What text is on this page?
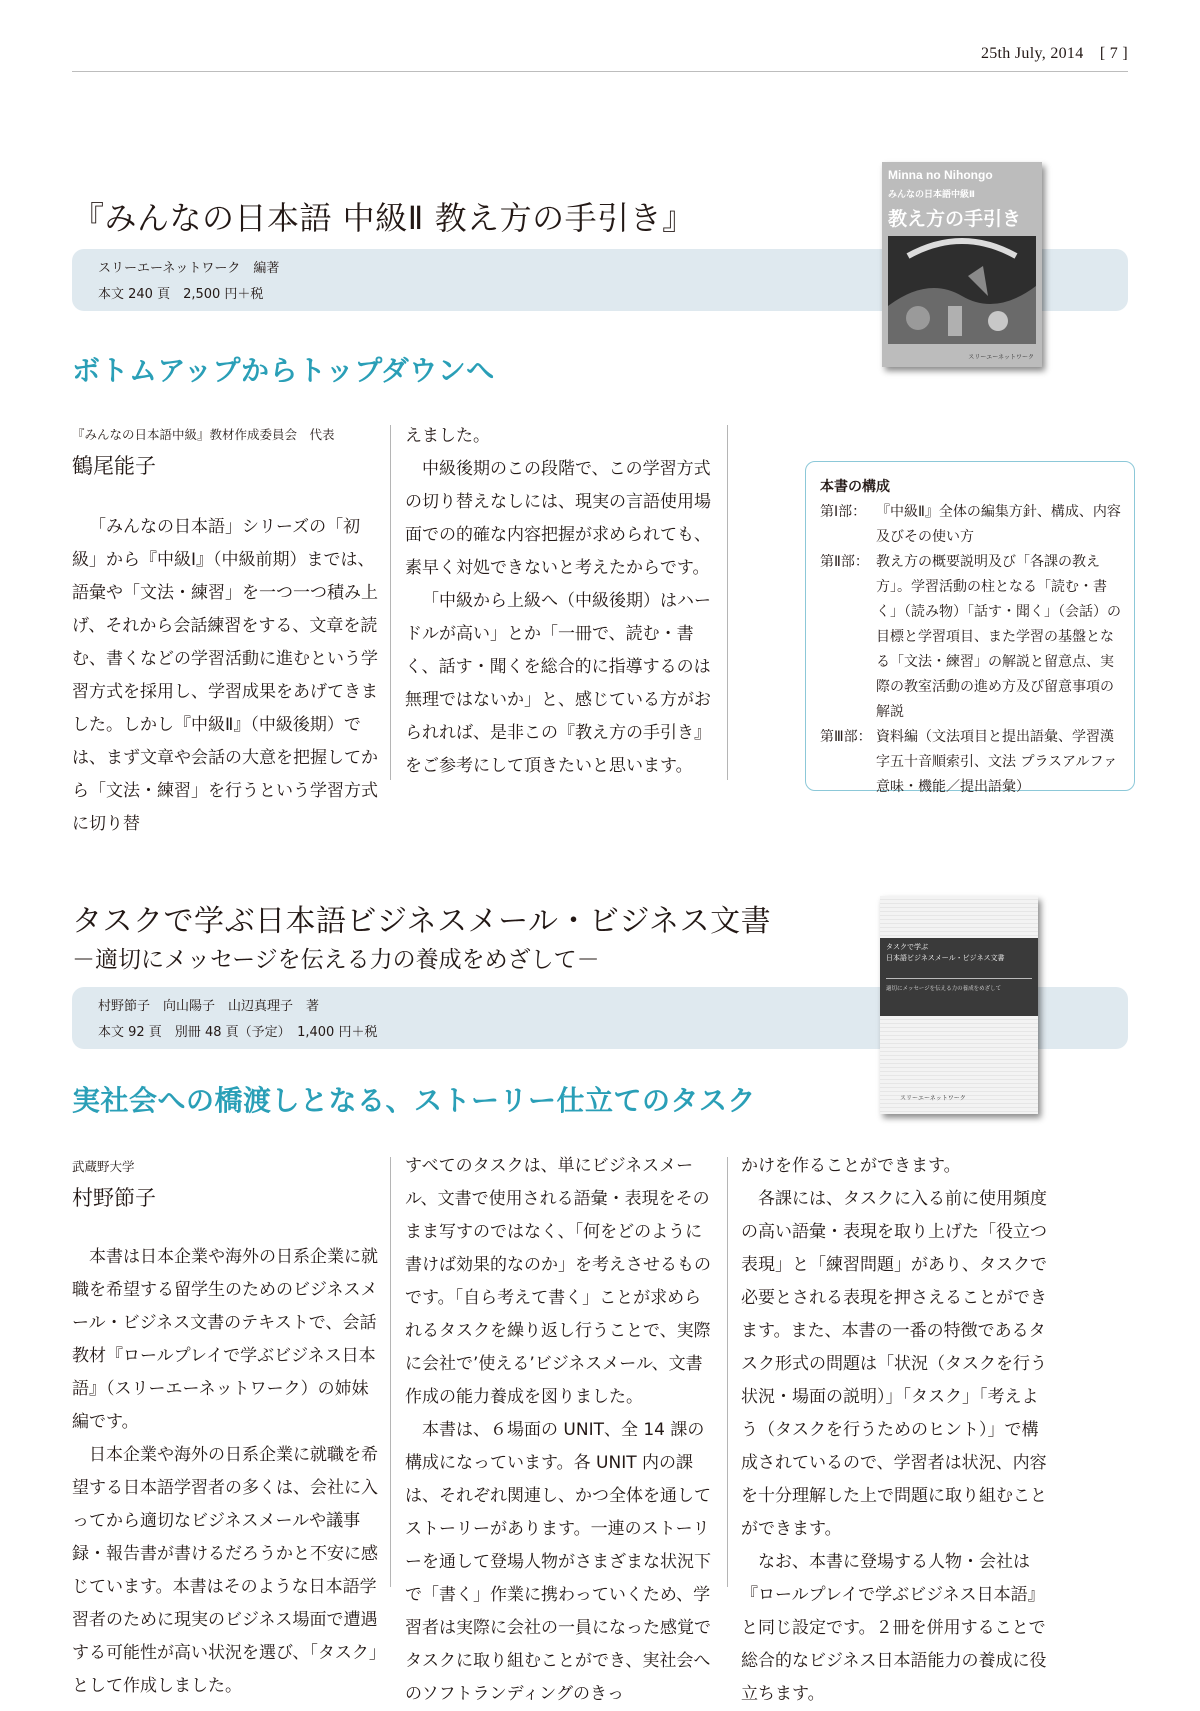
25th July, 2014　[ 7 ]
『みんなの日本語 中級Ⅱ 教え方の手引き』
スリーエーネットワーク　編著
本文 240 頁　2,500 円＋税
Minna no Nihongo
みんなの日本語中級Ⅱ
教え方の手引き
スリーエーネットワーク
ボトムアップからトップダウンへ
『みんなの日本語中級』教材作成委員会　代表
鶴尾能子

「みんなの日本語」シリーズの「初級」から『中級Ⅰ』（中級前期）までは、語彙や「文法・練習」を一つ一つ積み上げ、それから会話練習をする、文章を読む、書くなどの学習活動に進むという学習方式を採用し、学習成果をあげてきました。しかし『中級Ⅱ』（中級後期）では、まず文章や会話の大意を把握してから「文法・練習」を行うという学習方式に切り替

えました。

中級後期のこの段階で、この学習方式の切り替えなしには、現実の言語使用場面での的確な内容把握が求められても、素早く対処できないと考えたからです。

「中級から上級へ（中級後期）はハードルが高い」とか「一冊で、読む・書く、話す・聞くを総合的に指導するのは無理ではないか」と、感じている方がおられれば、是非この『教え方の手引き』をご参考にして頂きたいと思います。

本書の構成
第Ⅰ部： 『中級Ⅱ』全体の編集方針、構成、内容及びその使い方
第Ⅱ部： 教え方の概要説明及び「各課の教え方」。学習活動の柱となる「読む・書く」（読み物）「話す・聞く」（会話）の目標と学習項目、また学習の基盤となる「文法・練習」の解説と留意点、実際の教室活動の進め方及び留意事項の解説
第Ⅲ部： 資料編（文法項目と提出語彙、学習漢字五十音順索引、文法 プラスアルファ 意味・機能／提出語彙）
タスクで学ぶ日本語ビジネスメール・ビジネス文書
－適切にメッセージを伝える力の養成をめざして－
村野節子　向山陽子　山辺真理子　著
本文 92 頁　別冊 48 頁（予定）　1,400 円＋税
タスクで学ぶ
日本語ビジネスメール・ビジネス文書
適切にメッセージを伝える力の養成をめざして
スリーエーネットワーク
実社会への橋渡しとなる、ストーリー仕立てのタスク
武蔵野大学
村野節子

本書は日本企業や海外の日系企業に就職を希望する留学生のためのビジネスメール・ビジネス文書のテキストで、会話教材『ロールプレイで学ぶビジネス日本語』（スリーエーネットワーク）の姉妹編です。

日本企業や海外の日系企業に就職を希望する日本語学習者の多くは、会社に入ってから適切なビジネスメールや議事録・報告書が書けるだろうかと不安に感じています。本書はそのような日本語学習者のために現実のビジネス場面で遭遇する可能性が高い状況を選び、「タスク」として作成しました。

すべてのタスクは、単にビジネスメール、文書で使用される語彙・表現をそのまま写すのではなく、「何をどのように書けば効果的なのか」を考えさせるものです。「自ら考えて書く」ことが求められるタスクを繰り返し行うことで、実際に会社で’使える’ビジネスメール、文書作成の能力養成を図りました。

本書は、６場面の UNIT、全 14 課の構成になっています。各 UNIT 内の課は、それぞれ関連し、かつ全体を通してストーリーがあります。一連のストーリーを通して登場人物がさまざまな状況下で「書く」作業に携わっていくため、学習者は実際に会社の一員になった感覚でタスクに取り組むことができ、実社会へのソフトランディングのきっ

かけを作ることができます。

各課には、タスクに入る前に使用頻度の高い語彙・表現を取り上げた「役立つ表現」と「練習問題」があり、タスクで必要とされる表現を押さえることができます。また、本書の一番の特徴であるタスク形式の問題は「状況（タスクを行う状況・場面の説明）」「タスク」「考えよう（タスクを行うためのヒント）」で構成されているので、学習者は状況、内容を十分理解した上で問題に取り組むことができます。

なお、本書に登場する人物・会社は『ロールプレイで学ぶビジネス日本語』と同じ設定です。２冊を併用することで総合的なビジネス日本語能力の養成に役立ちます。
